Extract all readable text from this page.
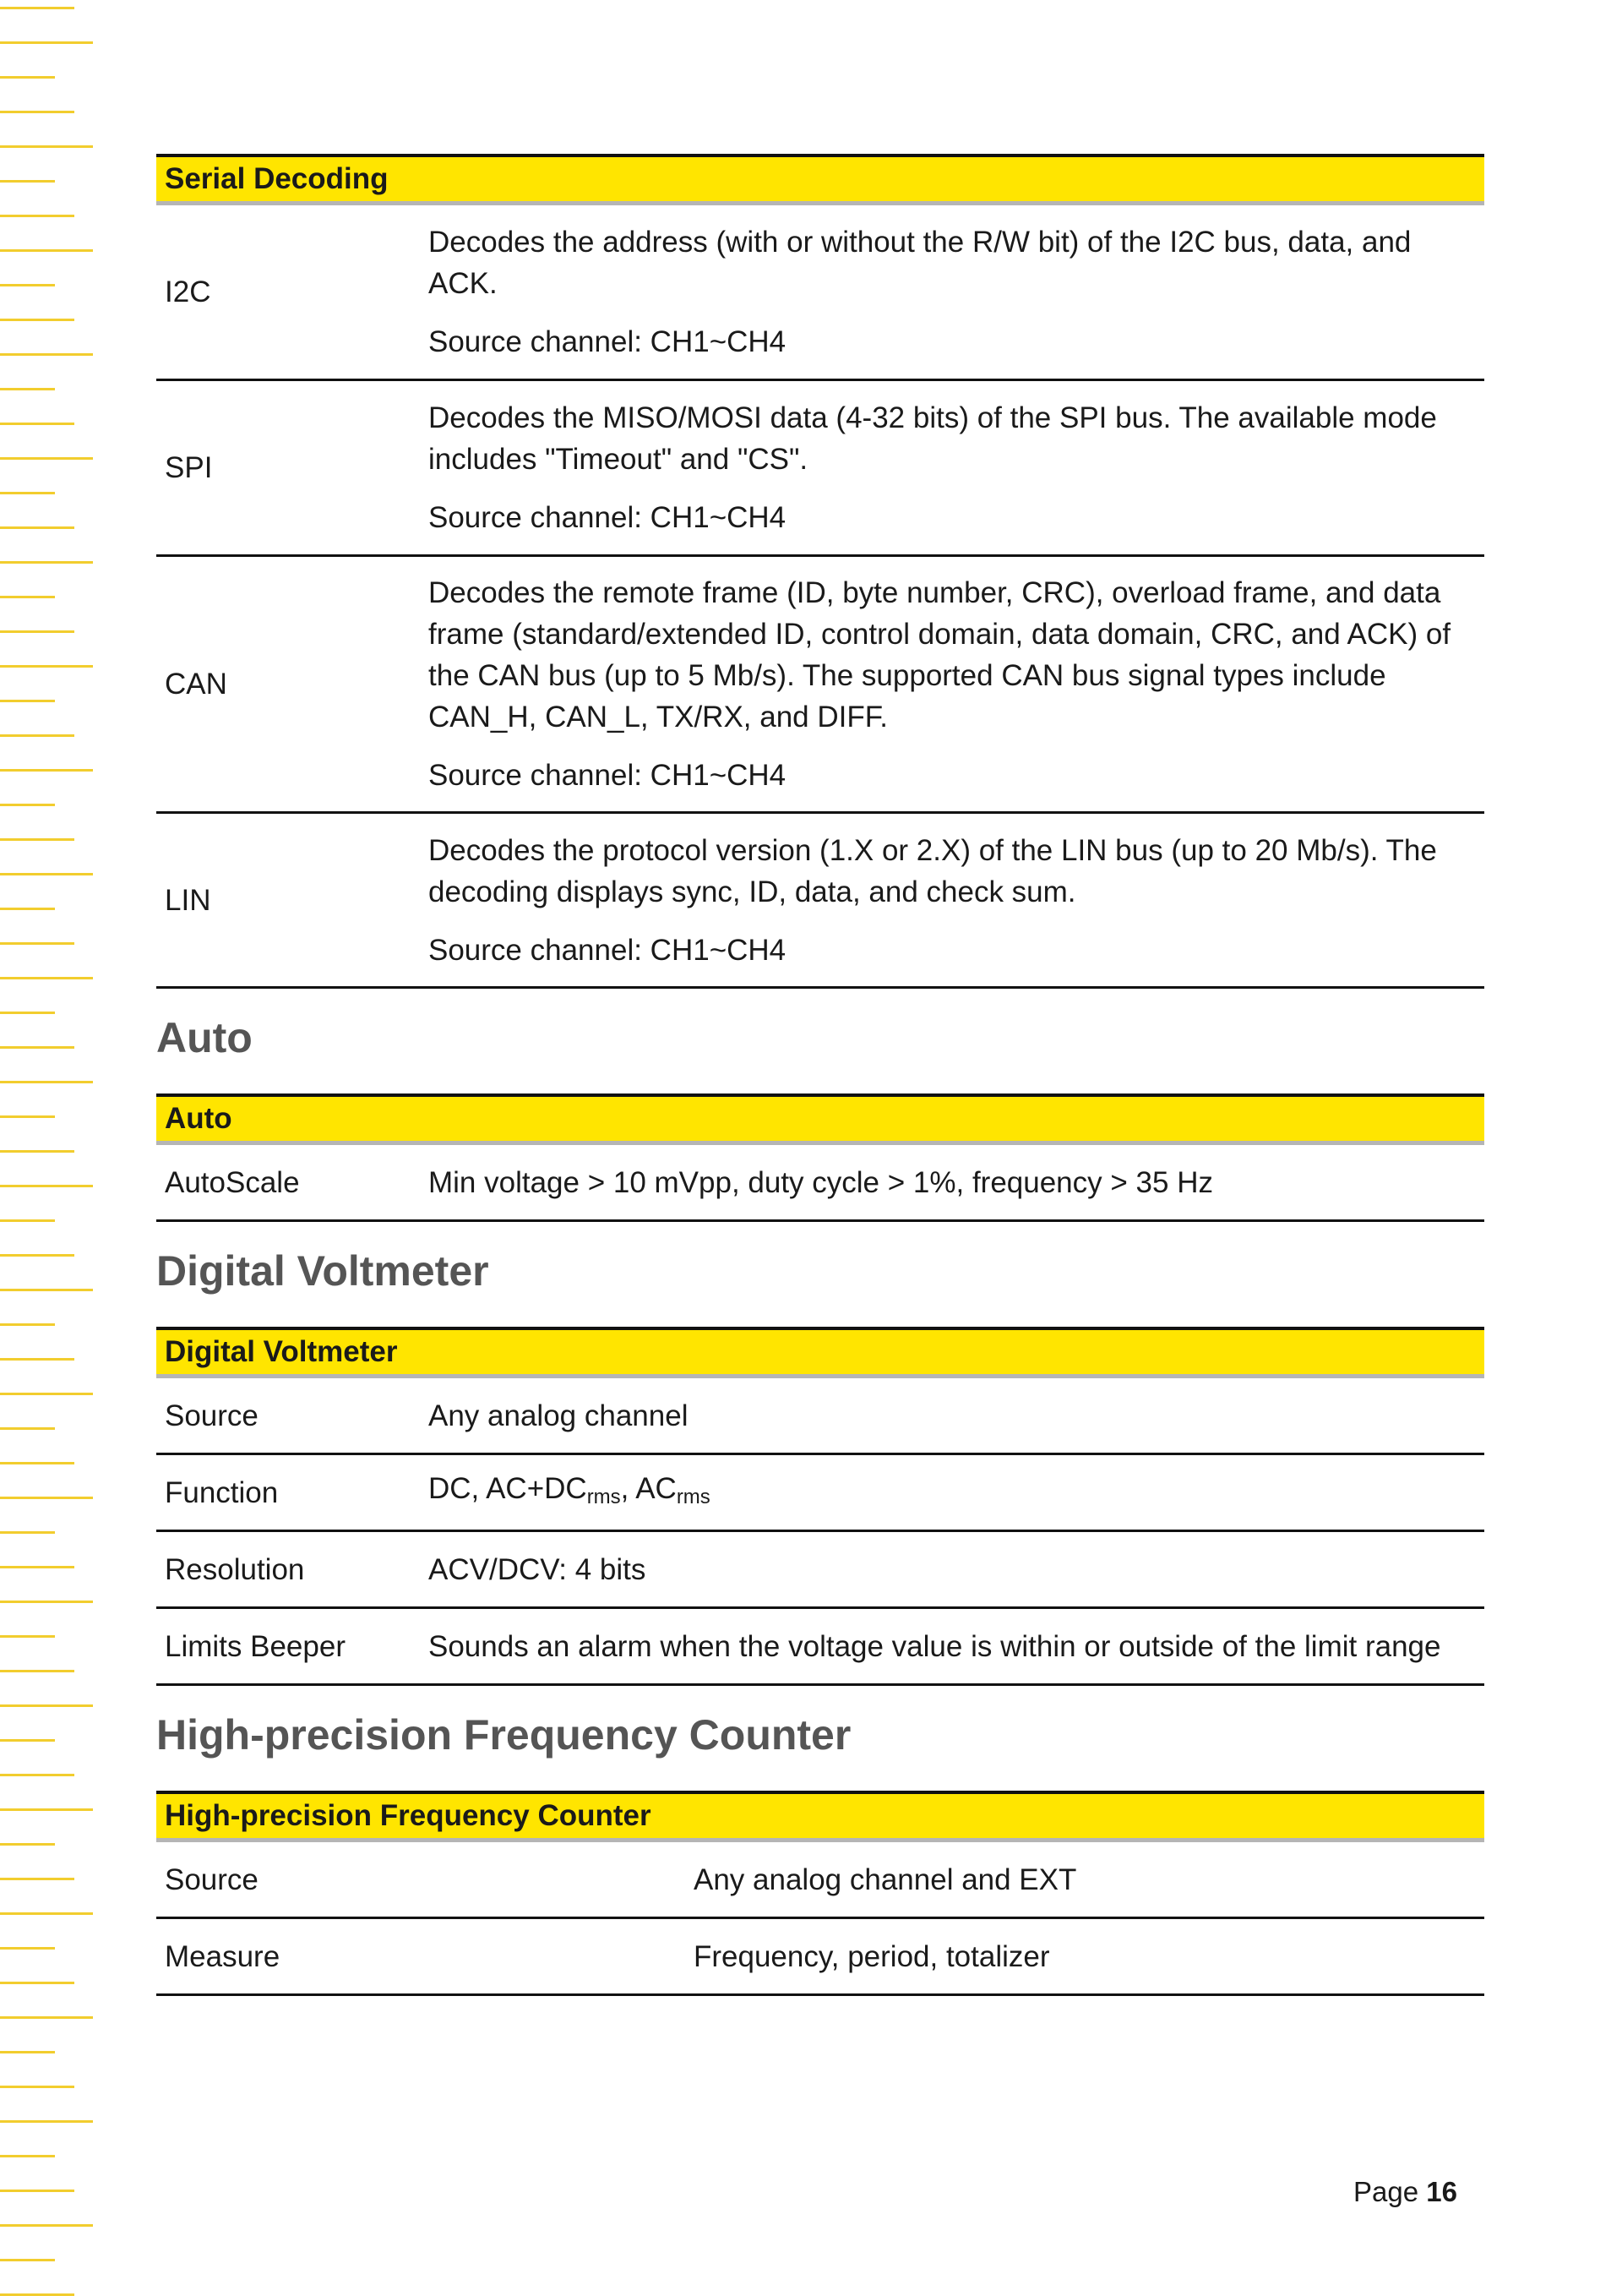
Serial Decoding	
I2C	Decodes the address (with or without the R/W bit) of the I2C bus, data, and ACK.

Source channel: CH1~CH4

SPI	Decodes the MISO/MOSI data (4-32 bits) of the SPI bus. The available mode includes "Timeout" and "CS".

Source channel: CH1~CH4

CAN	Decodes the remote frame (ID, byte number, CRC), overload frame, and data frame (standard/extended ID, control domain, data domain, CRC, and ACK) of the CAN bus (up to 5 Mb/s). The supported CAN bus signal types include CAN_H, CAN_L, TX/RX, and DIFF.

Source channel: CH1~CH4

LIN	Decodes the protocol version (1.X or 2.X) of the LIN bus (up to 20 Mb/s). The decoding displays sync, ID, data, and check sum.

Source channel: CH1~CH4

Auto
Auto
AutoScale	Min voltage > 10 mVpp, duty cycle > 1%, frequency > 35 Hz
Digital Voltmeter
Digital Voltmeter	
Source	Any analog channel
Function	DC, $AC+DC_{rms}$, $AC_{rms}$
Resolution	ACV/DCV: 4 bits
Limits Beeper	Sounds an alarm when the voltage value is within or outside of the limit range
High-precision Frequency Counter
High-precision Frequency Counter	
Source	Any analog channel and EXT
Measure	Frequency, period, totalizer
Page 16
